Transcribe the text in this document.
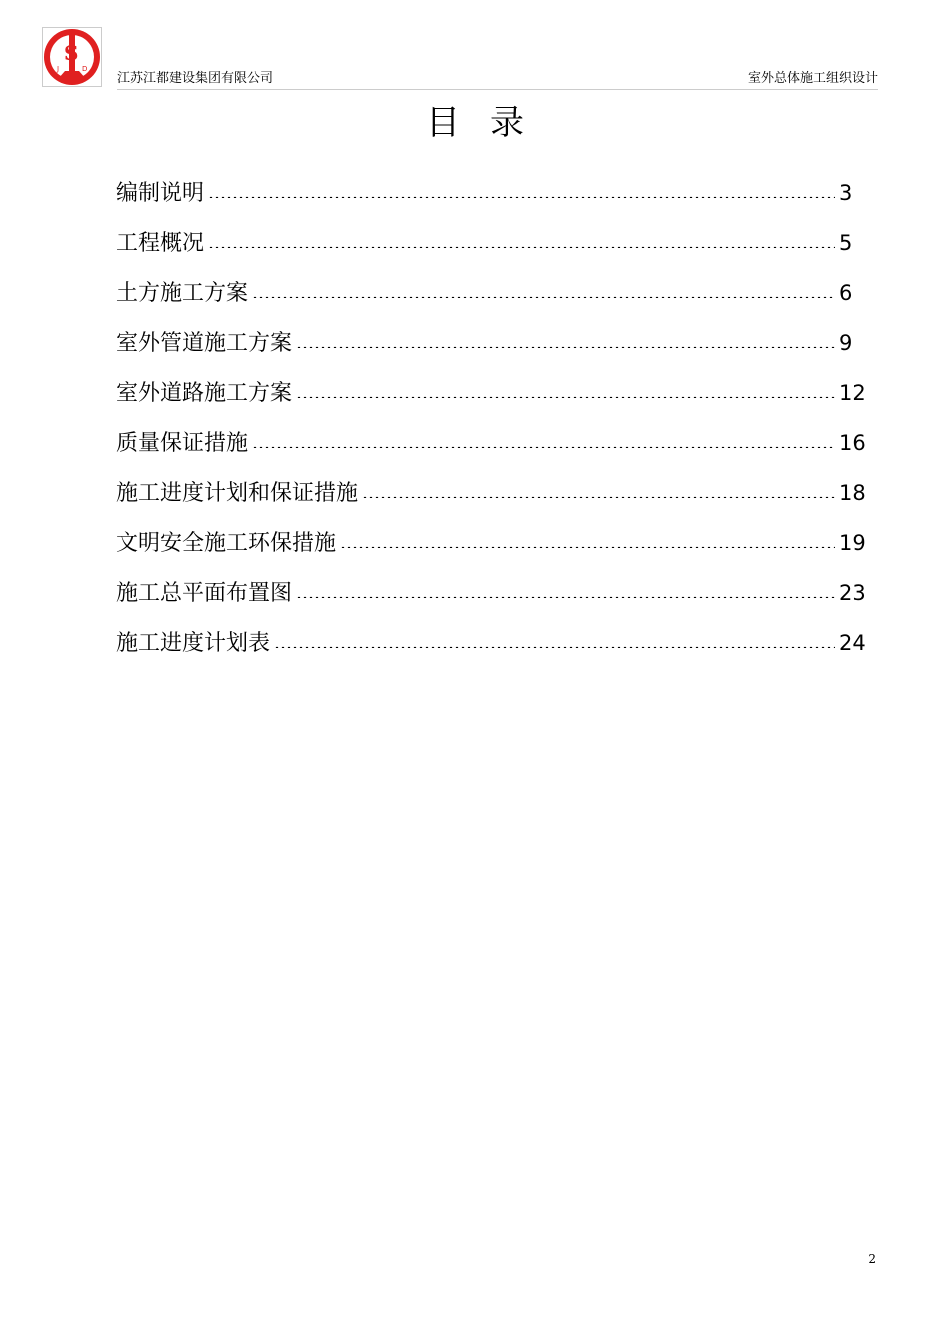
S
J	D
江苏江都建设集团有限公司	室外总体施工组织设计
目录
编制说明	3
工程概况	5
土方施工方案	6
室外管道施工方案	9
室外道路施工方案	12
质量保证措施	16
施工进度计划和保证措施	18
文明安全施工环保措施	19
施工总平面布置图	23
施工进度计划表	24
2
